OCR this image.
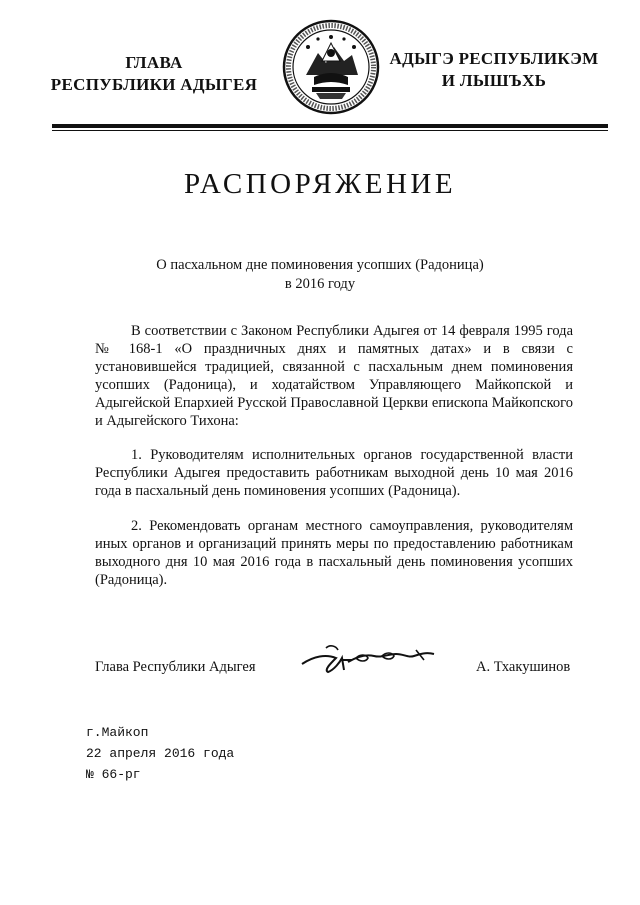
ГЛАВА
РЕСПУБЛИКИ АДЫГЕЯ
АДЫГЭ РЕСПУБЛИКЭМ
И ЛЫШЪХЬ
РАСПОРЯЖЕНИЕ
О пасхальном дне поминовения усопших (Радоница)
в 2016 году

В соответствии с Законом Республики Адыгея от 14 февраля 1995 года № 168-1 «О праздничных днях и памятных датах» и в связи с установившейся традицией, связанной с пасхальным днем поминовения усопших (Радоница), и ходатайством Управляющего Майкопской и Адыгейской Епархией Русской Православной Церкви епископа Майкопского и Адыгейского Тихона:

1. Руководителям исполнительных органов государственной власти Республики Адыгея предоставить работникам выходной день 10 мая 2016 года в пасхальный день поминовения усопших (Радоница).

2. Рекомендовать органам местного самоуправления, руководителям иных органов и организаций принять меры по предоставлению работникам выходного дня 10 мая 2016 года в пасхальный день поминовения усопших (Радоница).

Глава Республики Адыгея	А. Тхакушинов
г.Майкоп
22 апреля 2016 года
№ 66-рг
